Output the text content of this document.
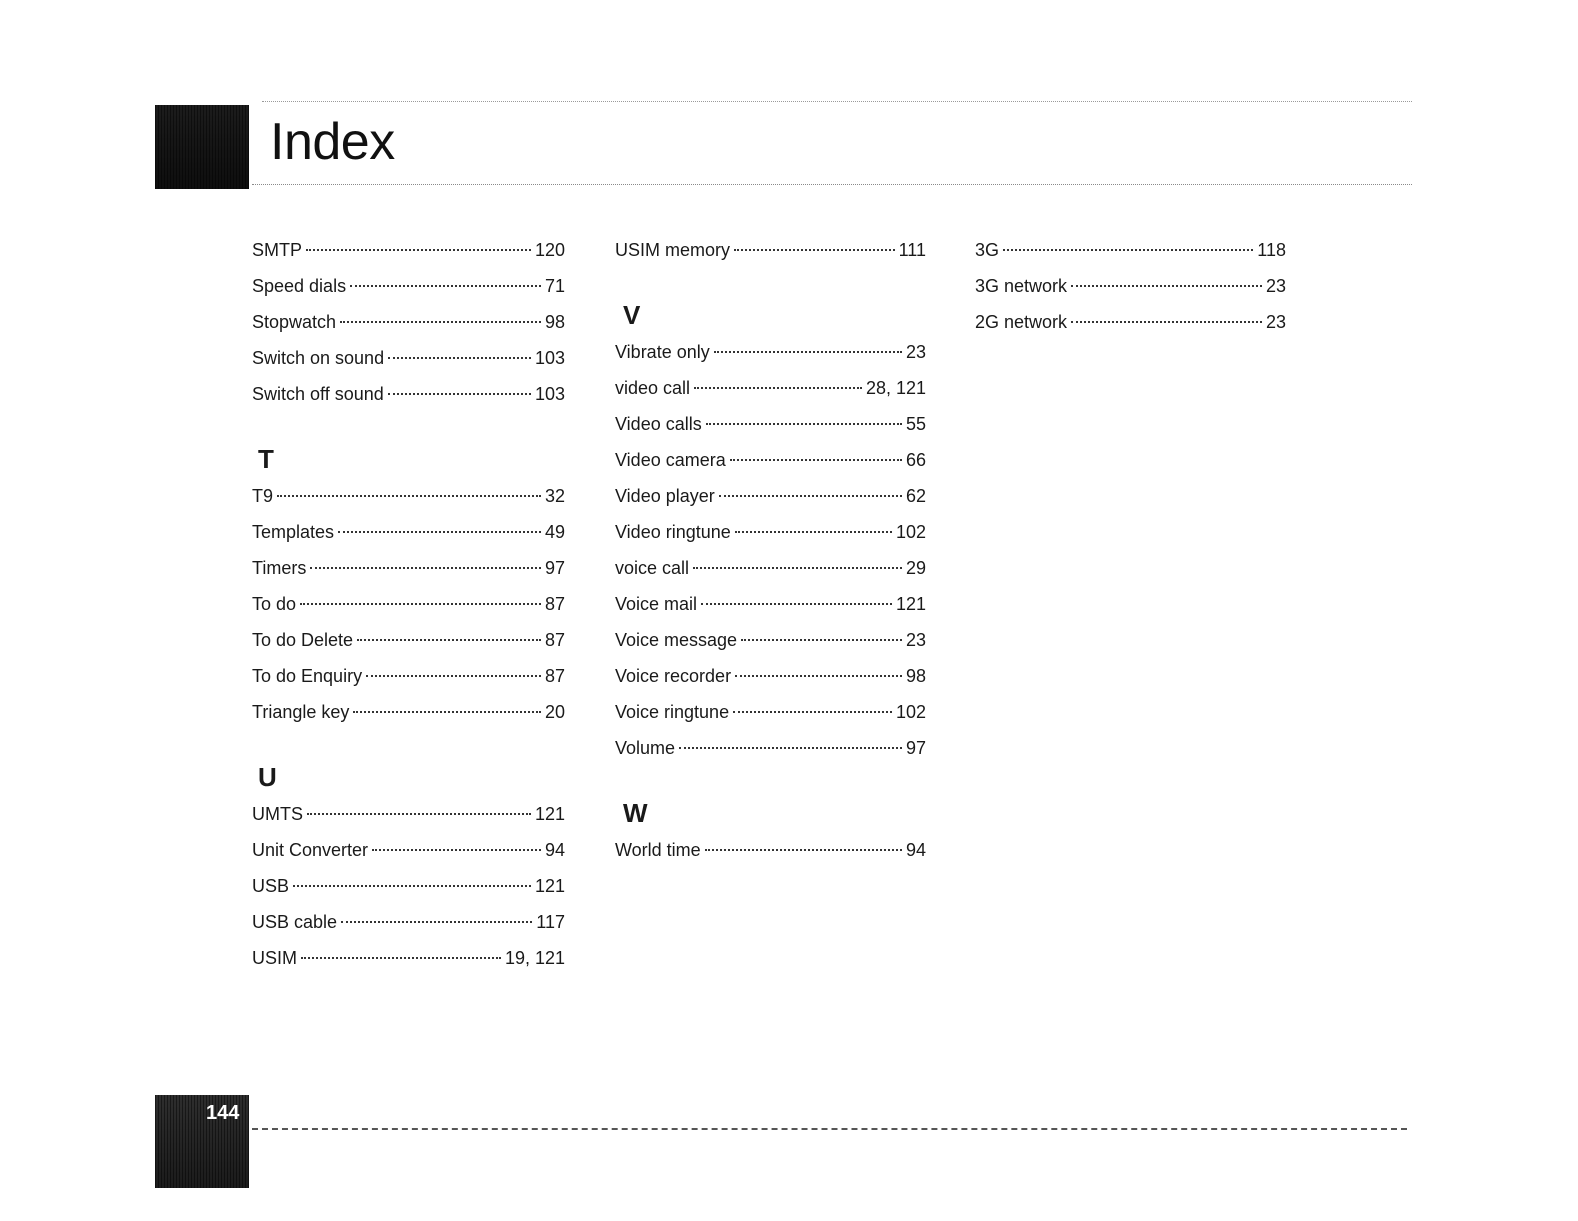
Index
SMTP	120
Speed dials	71
Stopwatch	98
Switch on sound	103
Switch off sound	103
T
T9	32
Templates	49
Timers	97
To do	87
To do Delete	87
To do Enquiry	87
Triangle key	20
U
UMTS	121
Unit Converter	94
USB	121
USB cable	117
USIM	19, 121
USIM memory	111
V
Vibrate only	23
video call	28, 121
Video calls	55
Video camera	66
Video player	62
Video ringtune	102
voice call	29
Voice mail	121
Voice message	23
Voice recorder	98
Voice ringtune	102
Volume	97
W
World time	94
3G	118
3G network	23
2G network	23
144
